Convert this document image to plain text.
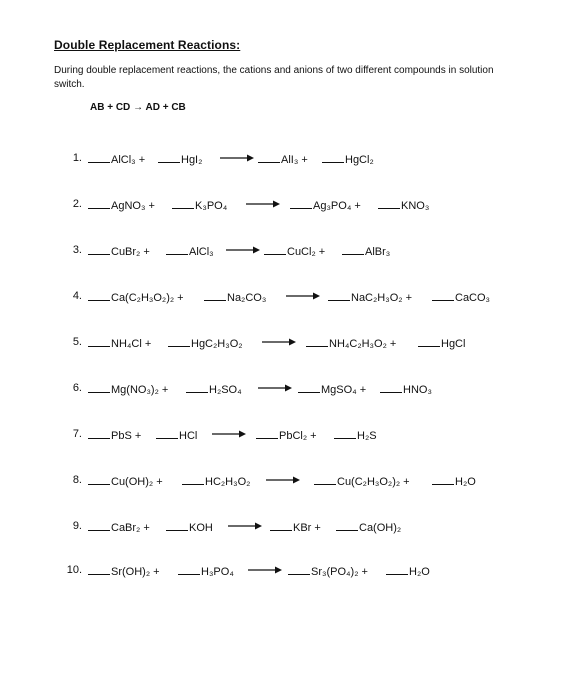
Double Replacement Reactions:
During double replacement reactions, the cations and anions of two different compounds in solution switch.
AB + CD → AD + CB
1.	AlCl₃ +	HgI₂	AlI₃ +	HgCl₂
2.	AgNO₃ +	K₃PO₄	Ag₃PO₄ +	KNO₃
3.	CuBr₂ +	AlCl₃	CuCl₂ +	AlBr₃
4.	Ca(C₂H₃O₂)₂ +	Na₂CO₃	NaC₂H₃O₂ +	CaCO₃
5.	NH₄Cl +	HgC₂H₃O₂	NH₄C₂H₃O₂ +	HgCl
6.	Mg(NO₃)₂ +	H₂SO₄	MgSO₄ +	HNO₃
7.	PbS +	HCl	PbCl₂ +	H₂S
8.	Cu(OH)₂ +	HC₂H₃O₂	Cu(C₂H₃O₂)₂ +	H₂O
9.	CaBr₂ +	KOH	KBr +	Ca(OH)₂
10.	Sr(OH)₂ +	H₃PO₄	Sr₃(PO₄)₂ +	H₂O
